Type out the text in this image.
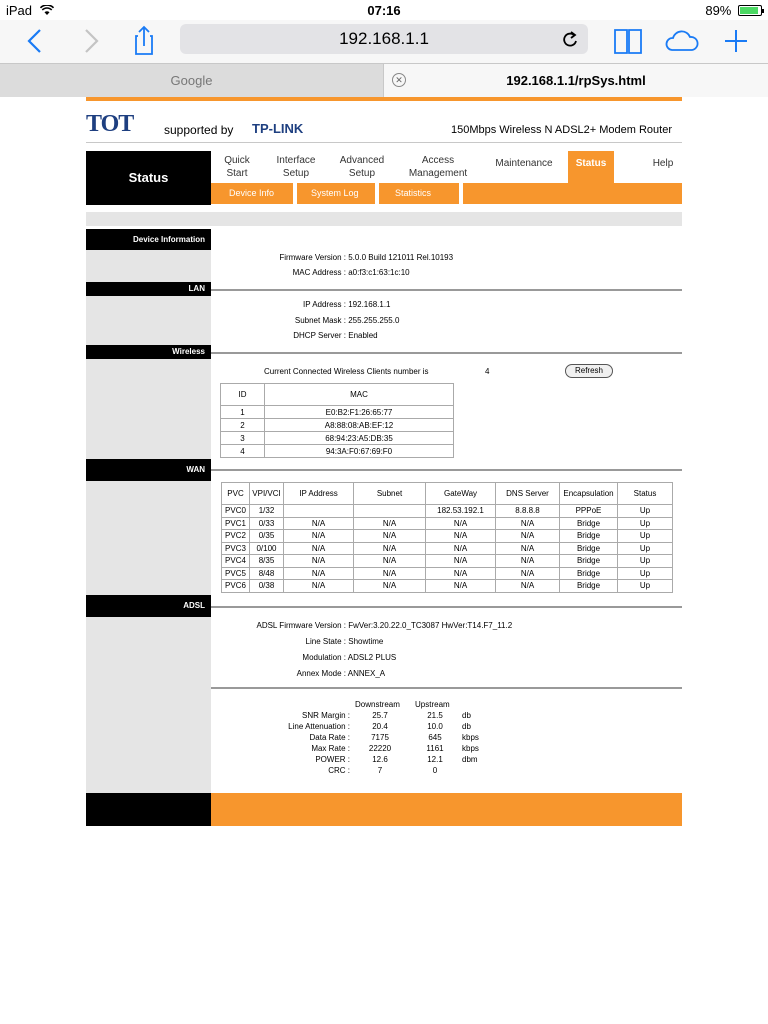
iPad	07:16	89%
192.168.1.1
Google	✕	192.168.1.1/rpSys.html
TOT	supported by TP-LINK	150Mbps Wireless N ADSL2+ Modem Router
Status
Quick
Start
Interface
Setup
Advanced
Setup
Access
Management
Maintenance	Status	Help
Device Info	System Log	Statistics
Device Information
Firmware Version : 5.0.0 Build 121011 Rel.10193
MAC Address : a0:f3:c1:63:1c:10
LAN
IP Address : 192.168.1.1
Subnet Mask : 255.255.255.0
DHCP Server : Enabled
Wireless
Current Connected Wireless Clients number is	4	Refresh
ID	MAC
1	E0:B2:F1:26:65:77
2	A8:88:08:AB:EF:12
3	68:94:23:A5:DB:35
4	94:3A:F0:67:69:F0
WAN
PVC	VPI/VCI	IP Address	Subnet	GateWay	DNS Server	Encapsulation	Status
PVC0	1/32			182.53.192.1	8.8.8.8	PPPoE	Up
PVC1	0/33	N/A	N/A	N/A	N/A	Bridge	Up
PVC2	0/35	N/A	N/A	N/A	N/A	Bridge	Up
PVC3	0/100	N/A	N/A	N/A	N/A	Bridge	Up
PVC4	8/35	N/A	N/A	N/A	N/A	Bridge	Up
PVC5	8/48	N/A	N/A	N/A	N/A	Bridge	Up
PVC6	0/38	N/A	N/A	N/A	N/A	Bridge	Up
ADSL
ADSL Firmware Version : FwVer:3.20.22.0_TC3087 HwVer:T14.F7_11.2
Line State : Showtime
Modulation : ADSL2 PLUS
Annex Mode : ANNEX_A
Downstream Upstream
SNR Margin :	25.7	21.5	db
Line Attenuation :	20.4	10.0	db
Data Rate :	7175	645	kbps
Max Rate :	22220	1161	kbps
POWER :	12.6	12.1	dbm
CRC :	7	0
